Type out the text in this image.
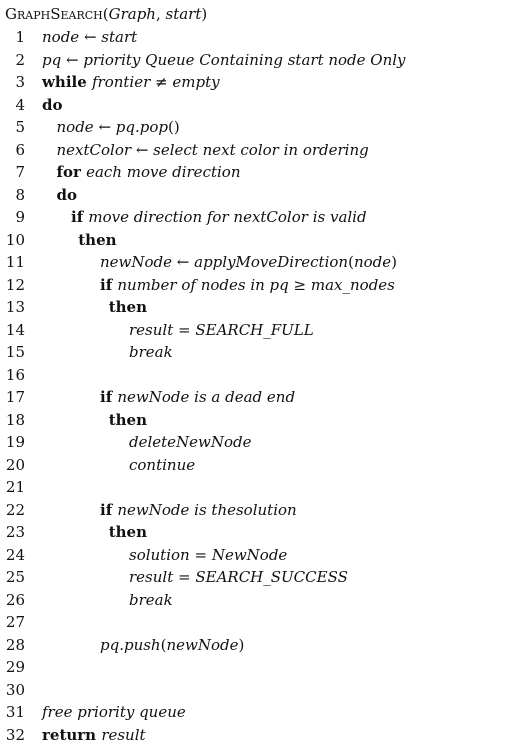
GraphSearch(Graph, start)
1 node ← start
2 pq ← priority Queue Containing start node Only
3 while frontier ≠ empty
4 do
5 node ← pq.pop()
6 nextColor ← select next color in ordering
7 for each move direction
8 do
9	if move direction for nextColor is valid
10	then
11	newNode ← applyMoveDirection(node)
12	if number of nodes in pq ≥ max_nodes
13	then
14	result = SEARCH_FULL
15	break
16
17	if newNode is a dead end
18	then
19	deleteNewNode
20	continue
21
22	if newNode is thesolution
23	then
24	solution = NewNode
25	result = SEARCH_SUCCESS
26	break
27
28	pq.push(newNode)
29
30
31 free priority queue
32 return result
